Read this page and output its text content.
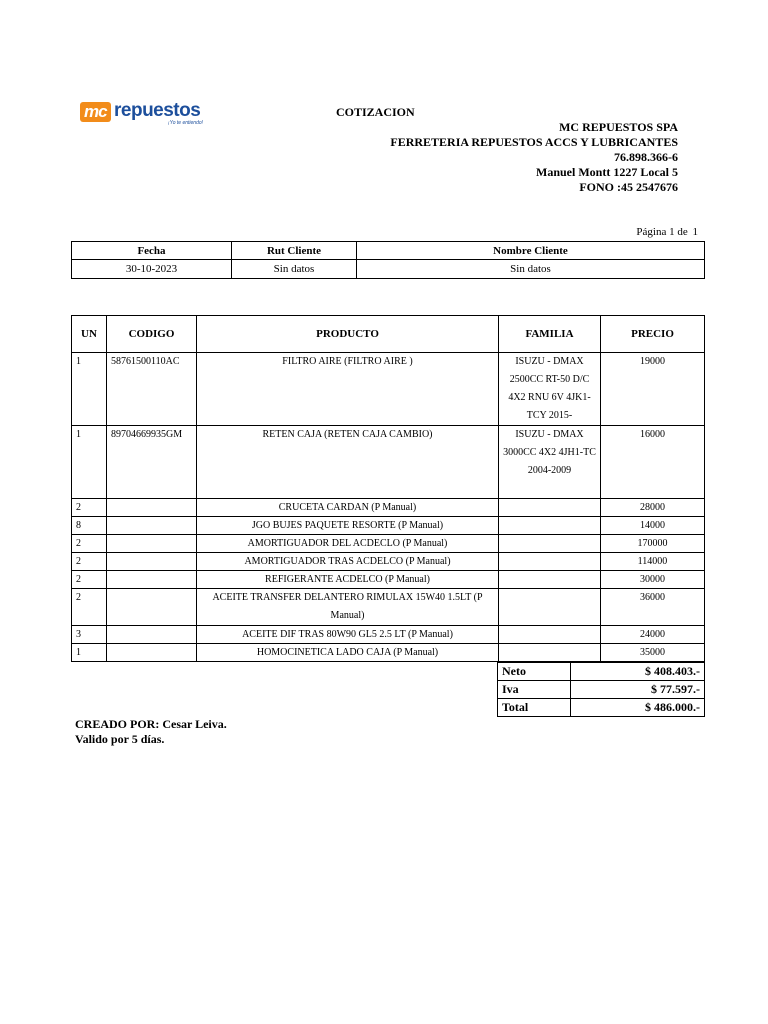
mc repuestos
¡Yo te entiendo!
COTIZACION
MC REPUESTOS SPA
FERRETERIA REPUESTOS ACCS Y LUBRICANTES
76.898.366-6
Manuel Montt 1227 Local 5
FONO :45 2547676
Página 1 de 1
Fecha	Rut Cliente	Nombre Cliente
30-10-2023	Sin datos	Sin datos
UN	CODIGO	PRODUCTO	FAMILIA	PRECIO
1	58761500110AC	FILTRO AIRE (FILTRO AIRE )	ISUZU - DMAX 2500CC RT-50 D/C 4X2 RNU 6V 4JK1-TCY 2015-	19000
1	89704669935GM	RETEN CAJA (RETEN CAJA CAMBIO)	ISUZU - DMAX 3000CC 4X2 4JH1-TC 2004-2009	16000
2		CRUCETA CARDAN (P Manual)		28000
8		JGO BUJES PAQUETE RESORTE (P Manual)		14000
2		AMORTIGUADOR DEL ACDECLO (P Manual)		170000
2		AMORTIGUADOR TRAS ACDELCO (P Manual)		114000
2		REFIGERANTE ACDELCO (P Manual)		30000
2		ACEITE TRANSFER DELANTERO RIMULAX 15W40 1.5LT (P Manual)		36000
3		ACEITE DIF TRAS 80W90 GL5 2.5 LT (P Manual)		24000
1		HOMOCINETICA LADO CAJA (P Manual)		35000
Neto	$ 408.403.-
Iva	$ 77.597.-
Total	$ 486.000.-
CREADO POR: Cesar Leiva.
Valido por 5 días.
